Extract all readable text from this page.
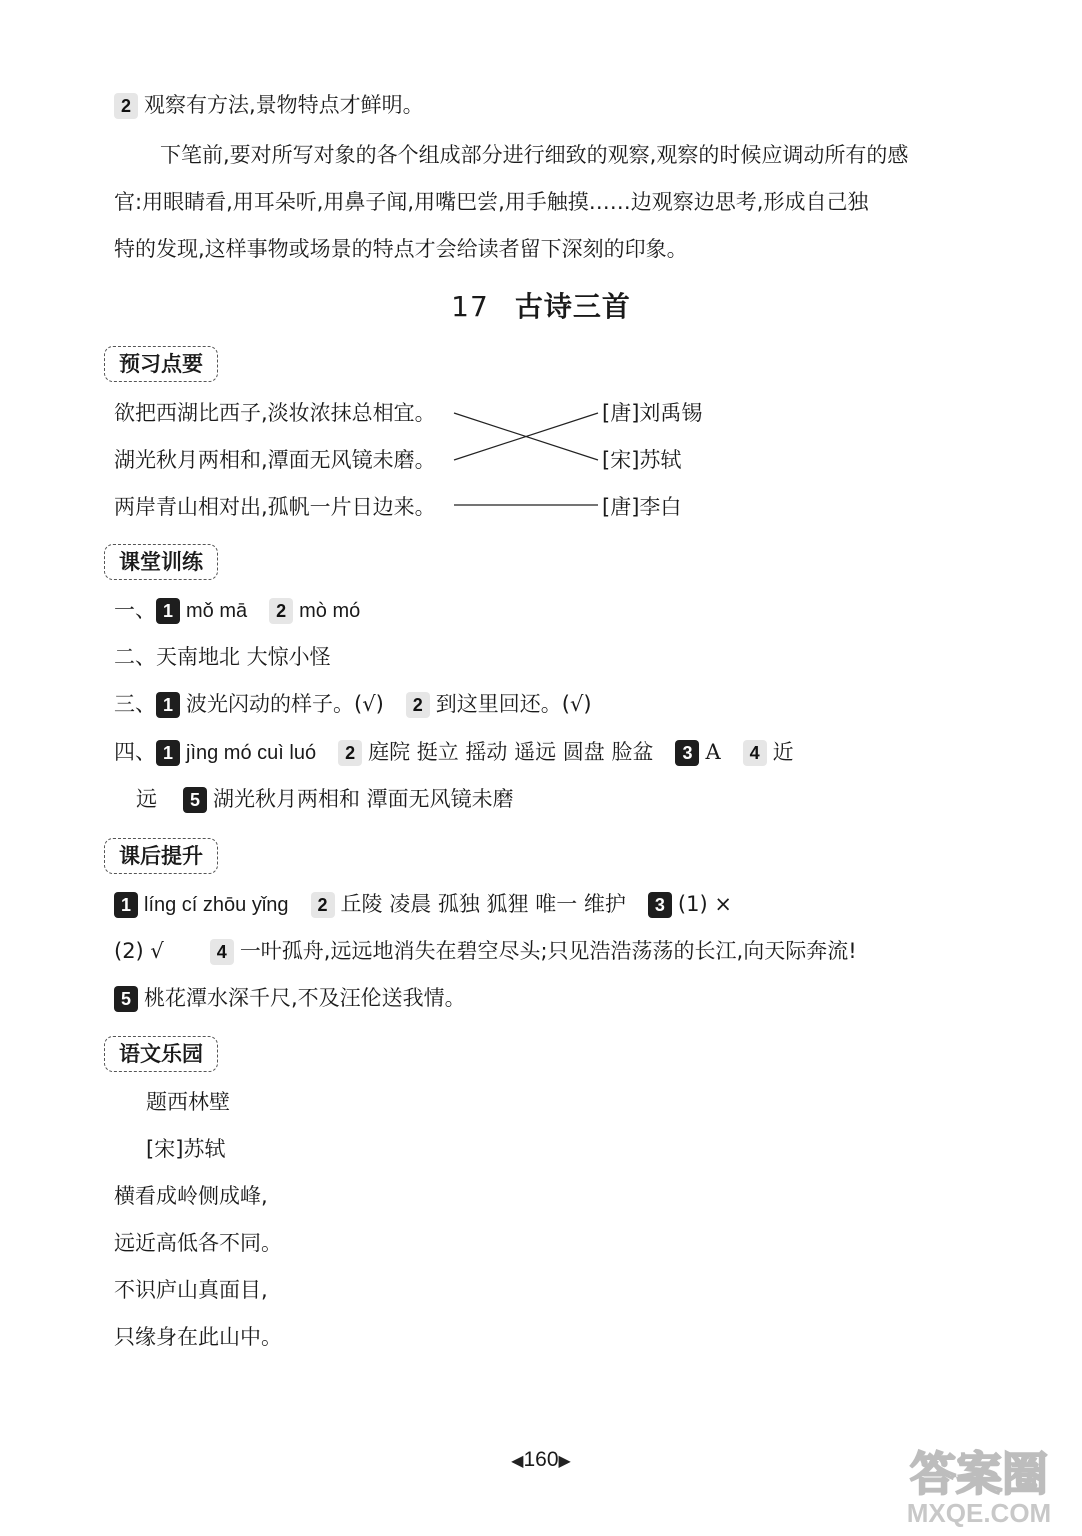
2 观察有方法,景物特点才鲜明。
下笔前,要对所写对象的各个组成部分进行细致的观察,观察的时候应调动所有的感
官:用眼睛看,用耳朵听,用鼻子闻,用嘴巴尝,用手触摸……边观察边思考,形成自己独
特的发现,这样事物或场景的特点才会给读者留下深刻的印象。
17 古诗三首
预习点要
欲把西湖比西子,淡妆浓抹总相宜。
湖光秋月两相和,潭面无风镜未磨。
两岸青山相对出,孤帆一片日边来。
[唐]刘禹锡
[宋]苏轼
[唐]李白
课堂训练
一、 1 mǒ mā 2 mò mó
二、天南地北 大惊小怪
三、 1 波光闪动的样子。(√) 2 到这里回还。(√)
四、 1 jìng mó cuì luó 2 庭院 挺立 摇动 遥远 圆盘 脸盆 3 A 4 近
远 5 湖光秋月两相和 潭面无风镜未磨
课后提升
1 líng cí zhōu yǐng 2 丘陵 凌晨 孤独 狐狸 唯一 维护 3 (1) ×
(2) √	4 一叶孤舟,远远地消失在碧空尽头;只见浩浩荡荡的长江,向天际奔流!
5 桃花潭水深千尺,不及汪伦送我情。
语文乐园
题西林壁
[宋]苏轼
横看成岭侧成峰,
远近高低各不同。
不识庐山真面目,
只缘身在此山中。
◀160▶	答案圈
MXQE.COM
